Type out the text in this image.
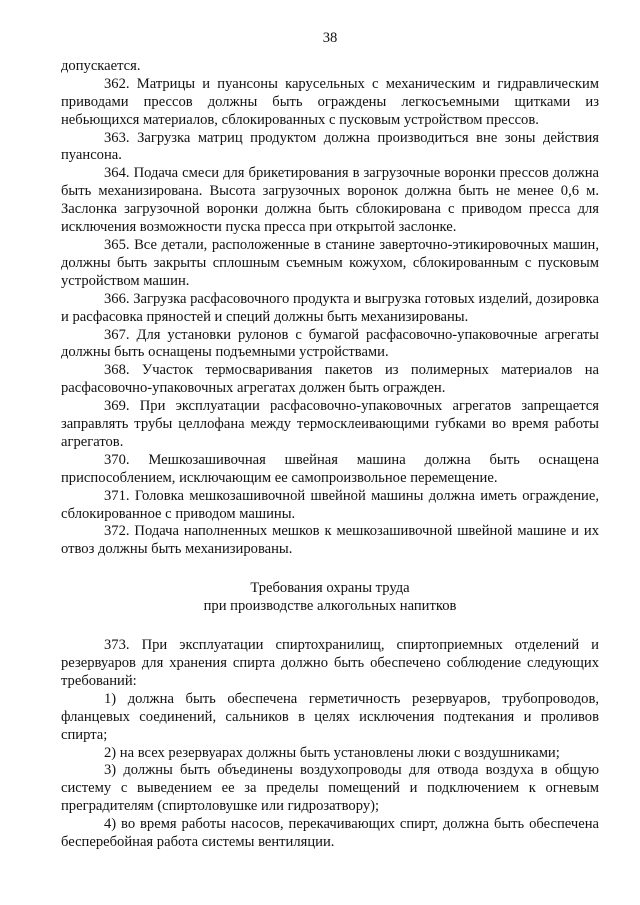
38

допускается.

362. Матрицы и пуансоны карусельных с механическим и гидравлическим приводами прессов должны быть ограждены легкосъемными щитками из небьющихся материалов, сблокированных с пусковым устройством прессов.

363. Загрузка матриц продуктом должна производиться вне зоны действия пуансона.

364. Подача смеси для брикетирования в загрузочные воронки прессов должна быть механизирована. Высота загрузочных воронок должна быть не менее 0,6 м. Заслонка загрузочной воронки должна быть сблокирована с приводом пресса для исключения возможности пуска пресса при открытой заслонке.

365. Все детали, расположенные в станине заверточно-этикировочных машин, должны быть закрыты сплошным съемным кожухом, сблокированным с пусковым устройством машин.

366. Загрузка расфасовочного продукта и выгрузка готовых изделий, дозировка и расфасовка пряностей и специй должны быть механизированы.

367. Для установки рулонов с бумагой расфасовочно-упаковочные агрегаты должны быть оснащены подъемными устройствами.

368. Участок термосваривания пакетов из полимерных материалов на расфасовочно-упаковочных агрегатах должен быть огражден.

369. При эксплуатации расфасовочно-упаковочных агрегатов запрещается заправлять трубы целлофана между термосклеивающими губками во время работы агрегатов.

370. Мешкозашивочная швейная машина должна быть оснащена приспособлением, исключающим ее самопроизвольное перемещение.

371. Головка мешкозашивочной швейной машины должна иметь ограждение, сблокированное с приводом машины.

372. Подача наполненных мешков к мешкозашивочной швейной машине и их отвоз должны быть механизированы.

Требования охраны труда

при производстве алкогольных напитков

373. При эксплуатации спиртохранилищ, спиртоприемных отделений и резервуаров для хранения спирта должно быть обеспечено соблюдение следующих требований:

1) должна быть обеспечена герметичность резервуаров, трубопроводов, фланцевых соединений, сальников в целях исключения подтекания и проливов спирта;

2) на всех резервуарах должны быть установлены люки с воздушниками;

3) должны быть объединены воздухопроводы для отвода воздуха в общую систему с выведением ее за пределы помещений и подключением к огневым преградителям (спиртоловушке или гидрозатвору);

4) во время работы насосов, перекачивающих спирт, должна быть обеспечена бесперебойная работа системы вентиляции.
